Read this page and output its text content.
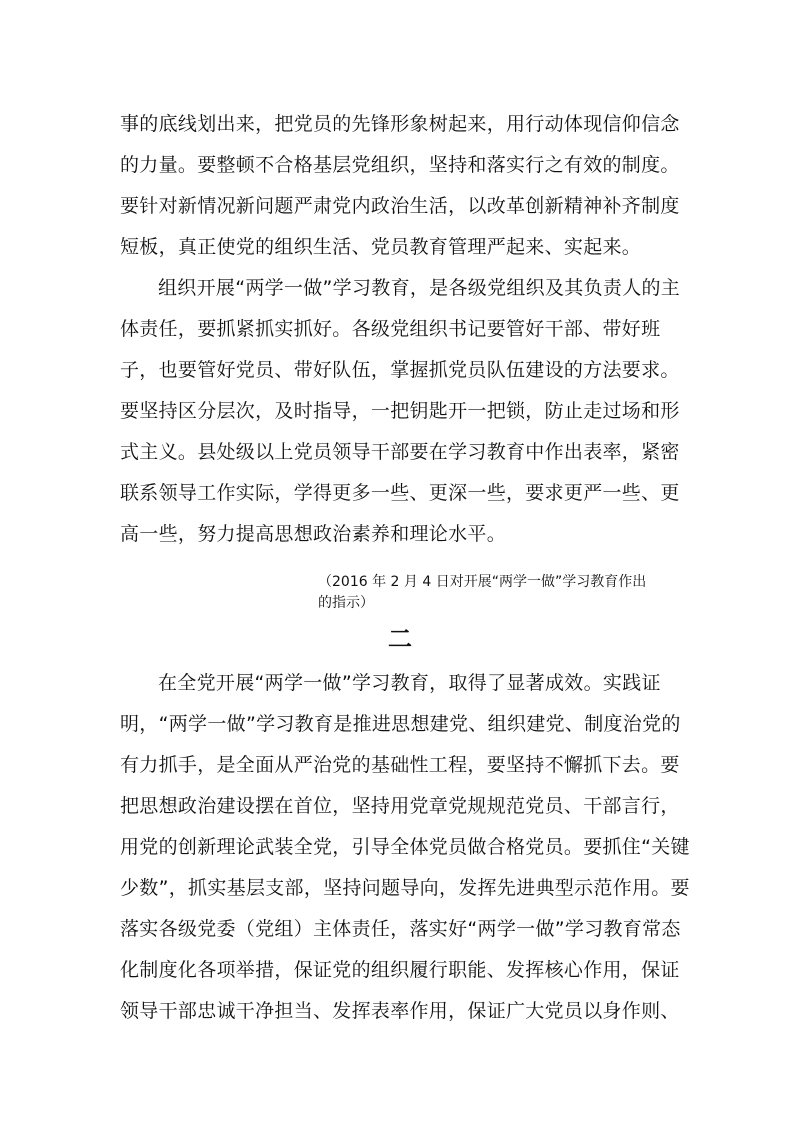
事的底线划出来，把党员的先锋形象树起来，用行动体现信仰信念
的力量。要整顿不合格基层党组织，坚持和落实行之有效的制度。
要针对新情况新问题严肃党内政治生活，以改革创新精神补齐制度
短板，真正使党的组织生活、党员教育管理严起来、实起来。
组织开展“两学一做”学习教育，是各级党组织及其负责人的主
体责任，要抓紧抓实抓好。各级党组织书记要管好干部、带好班
子，也要管好党员、带好队伍，掌握抓党员队伍建设的方法要求。
要坚持区分层次，及时指导，一把钥匙开一把锁，防止走过场和形
式主义。县处级以上党员领导干部要在学习教育中作出表率，紧密
联系领导工作实际，学得更多一些、更深一些，要求更严一些、更
高一些，努力提高思想政治素养和理论水平。
（2016 年 2 月 4 日对开展“两学一做”学习教育作出
的指示）
二
在全党开展“两学一做”学习教育，取得了显著成效。实践证
明，“两学一做”学习教育是推进思想建党、组织建党、制度治党的
有力抓手，是全面从严治党的基础性工程，要坚持不懈抓下去。要
把思想政治建设摆在首位，坚持用党章党规规范党员、干部言行，
用党的创新理论武装全党，引导全体党员做合格党员。要抓住“关键
少数”，抓实基层支部，坚持问题导向，发挥先进典型示范作用。要
落实各级党委（党组）主体责任，落实好“两学一做”学习教育常态
化制度化各项举措，保证党的组织履行职能、发挥核心作用，保证
领导干部忠诚干净担当、发挥表率作用，保证广大党员以身作则、
